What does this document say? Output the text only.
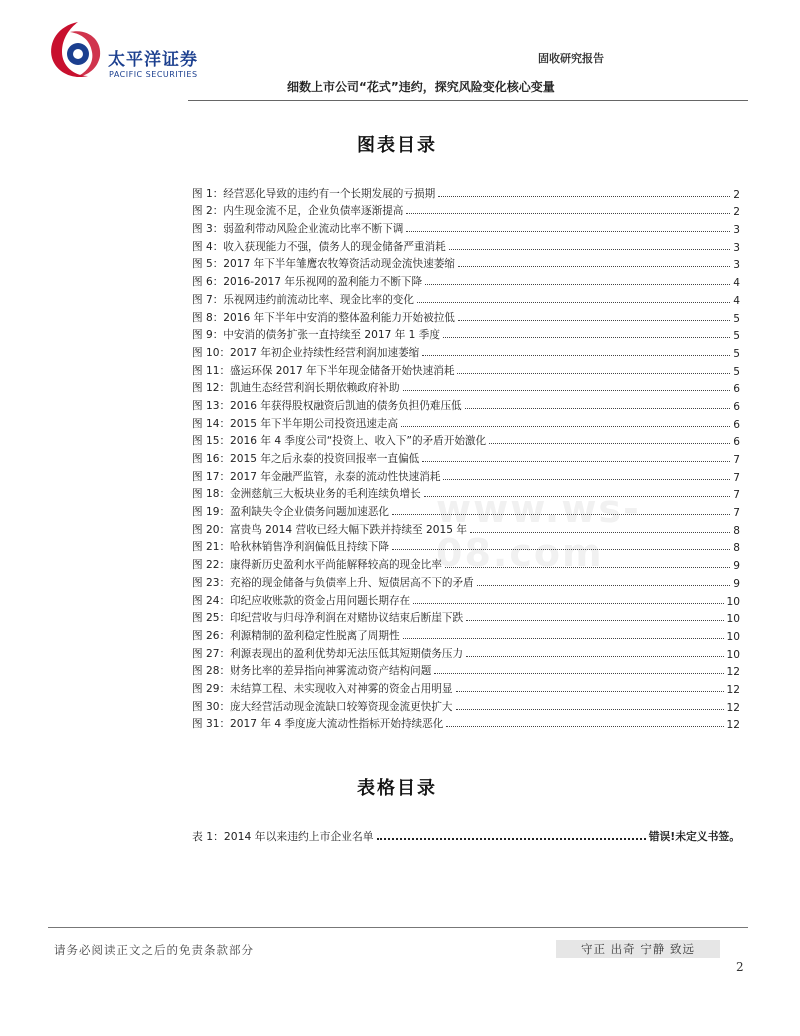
太平洋证券
PACIFIC SECURITIES
固收研究报告
细数上市公司“花式”违约，探究风险变化核心变量
www.ws-08.com
图表目录
图 1：经营恶化导致的违约有一个长期发展的亏损期	2
图 2：内生现金流不足，企业负债率逐渐提高	2
图 3：弱盈利带动风险企业流动比率不断下调	3
图 4：收入获现能力不强，债务人的现金储备严重消耗	3
图 5：2017 年下半年雏鹰农牧筹资活动现金流快速萎缩	3
图 6：2016-2017 年乐视网的盈利能力不断下降	4
图 7：乐视网违约前流动比率、现金比率的变化	4
图 8：2016 年下半年中安消的整体盈利能力开始被拉低	5
图 9：中安消的债务扩张一直持续至 2017 年 1 季度	5
图 10：2017 年初企业持续性经营利润加速萎缩	5
图 11：盛运环保 2017 年下半年现金储备开始快速消耗	5
图 12：凯迪生态经营利润长期依赖政府补助	6
图 13：2016 年获得股权融资后凯迪的债务负担仍难压低	6
图 14：2015 年下半年期公司投资迅速走高	6
图 15：2016 年 4 季度公司“投资上、收入下”的矛盾开始激化	6
图 16：2015 年之后永泰的投资回报率一直偏低	7
图 17：2017 年金融严监管，永泰的流动性快速消耗	7
图 18：金洲慈航三大板块业务的毛利连续负增长	7
图 19：盈利缺失令企业债务问题加速恶化	7
图 20：富贵鸟 2014 营收已经大幅下跌并持续至 2015 年	8
图 21：哈秋林销售净利润偏低且持续下降	8
图 22：康得新历史盈利水平尚能解释较高的现金比率	9
图 23：充裕的现金储备与负债率上升、短债居高不下的矛盾	9
图 24：印纪应收账款的资金占用问题长期存在	10
图 25：印纪营收与归母净利润在对赌协议结束后断崖下跌	10
图 26：利源精制的盈利稳定性脱离了周期性	10
图 27：利源表现出的盈利优势却无法压低其短期债务压力	10
图 28：财务比率的差异指向神雾流动资产结构问题	12
图 29：未结算工程、未实现收入对神雾的资金占用明显	12
图 30：庞大经营活动现金流缺口较筹资现金流更快扩大	12
图 31：2017 年 4 季度庞大流动性指标开始持续恶化	12
表格目录
表 1：2014 年以来违约上市企业名单	错误!未定义书签。
请务必阅读正文之后的免责条款部分	守正 出奇 宁静 致远
2
